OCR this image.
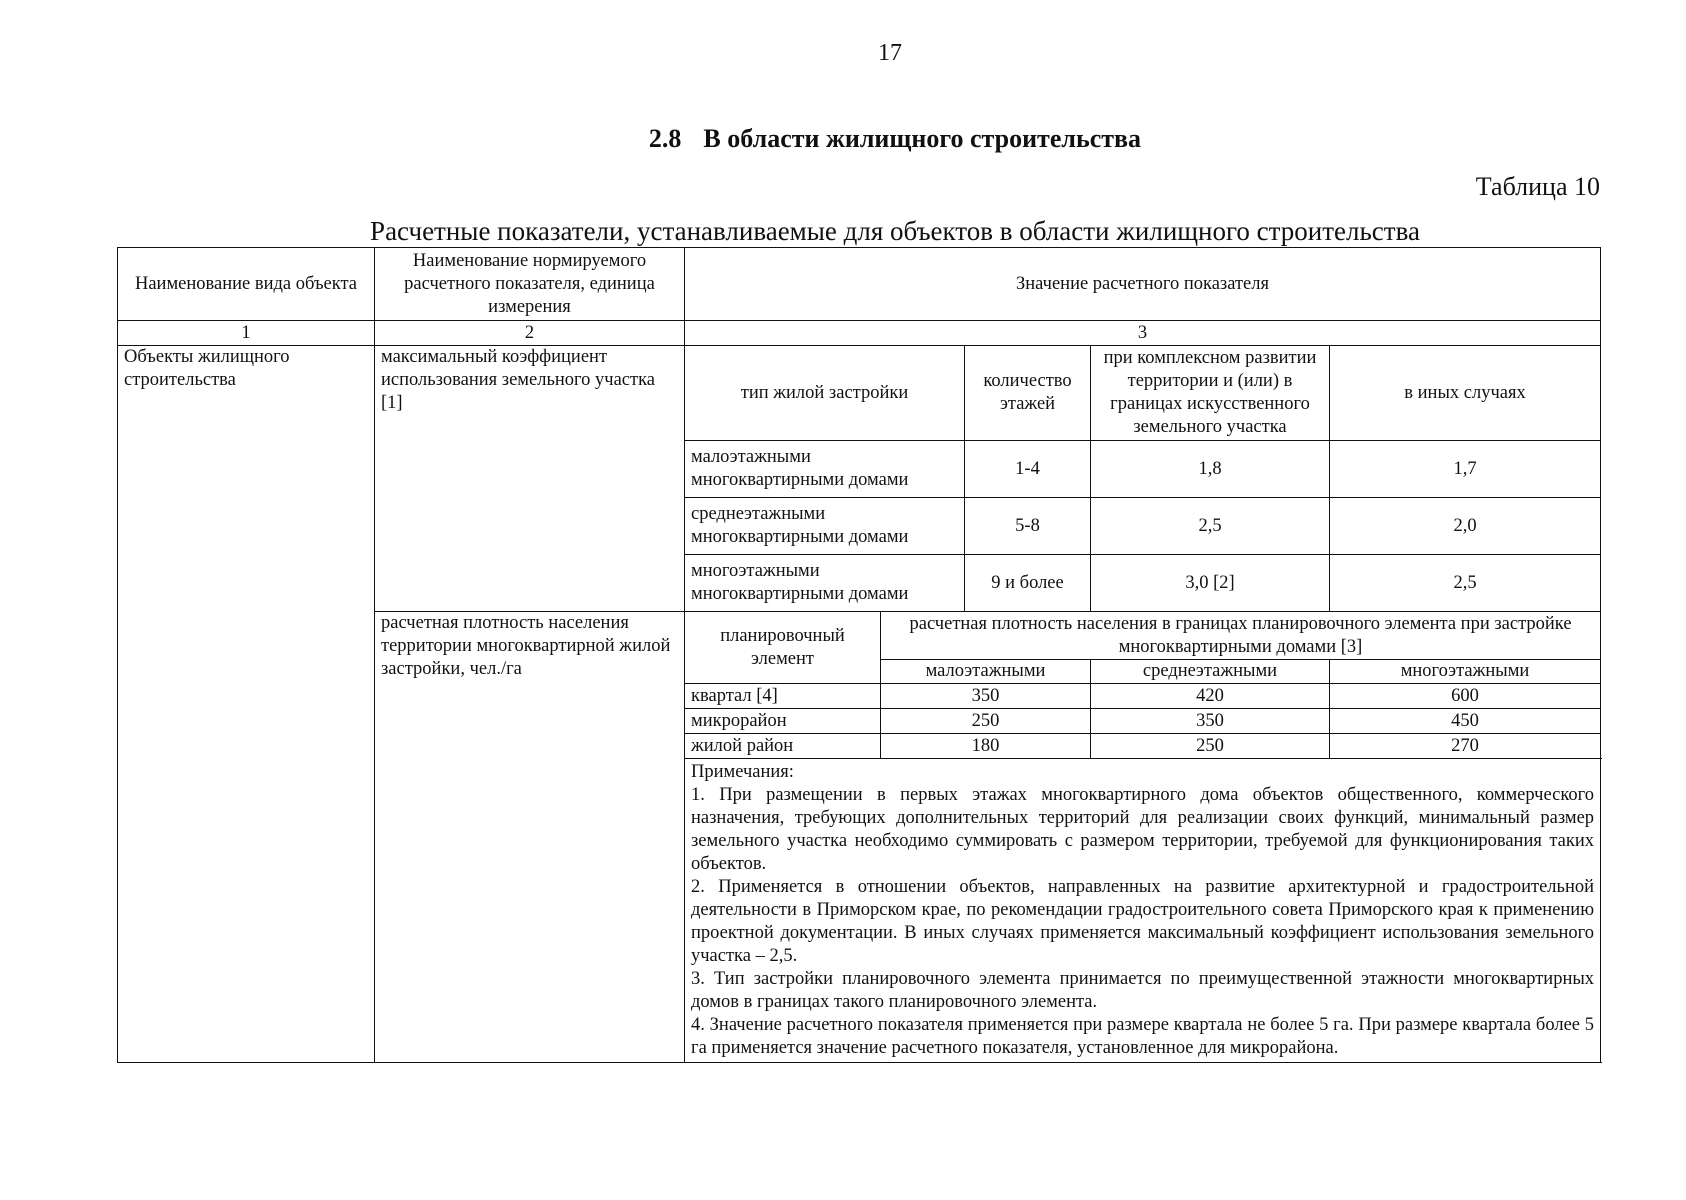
17
2.8 В области жилищного строительства
Таблица 10
Расчетные показатели, устанавливаемые для объектов в области жилищного строительства
Наименование вида объекта	Наименование нормируемого расчетного показателя, единица измерения	Значение расчетного показателя				
1	2	3				
Объекты жилищного строительства	максимальный коэффициент использования земельного участка [1]	тип жилой застройки		количество этажей	при комплексном развитии территории и (или) в границах искусственного земельного участка	в иных случаях
		малоэтажными многоквартирными домами		1-4	1,8	1,7
		среднеэтажными многоквартирными домами		5-8	2,5	2,0
		многоэтажными многоквартирными домами		9 и более	3,0 [2]	2,5
	расчетная плотность населения территории многоквартирной жилой застройки, чел./га	планировочный элемент	расчетная плотность населения в границах планировочного элемента при застройке многоквартирными домами [3]			
			малоэтажными		среднеэтажными	многоэтажными
		квартал [4]	350		420	600
		микрорайон	250		350	450
		жилой район	180		250	270

		Примечания:

1. При размещении в первых этажах многоквартирного дома объектов общественного, коммерческого назначения, требующих дополнительных территорий для реализации своих функций, минимальный размер земельного участка необходимо суммировать с размером территории, требуемой для функционирования таких объектов.

2. Применяется в отношении объектов, направленных на развитие архитектурной и градостроительной деятельности в Приморском крае, по рекомендации градостроительного совета Приморского края к применению проектной документации. В иных случаях применяется максимальный коэффициент использования земельного участка – 2,5.

3. Тип застройки планировочного элемента принимается по преимущественной этажности многоквартирных домов в границах такого планировочного элемента.

4. Значение расчетного показателя применяется при размере квартала не более 5 га. При размере квартала более 5 га применяется значение расчетного показателя, установленное для микрорайона.				
